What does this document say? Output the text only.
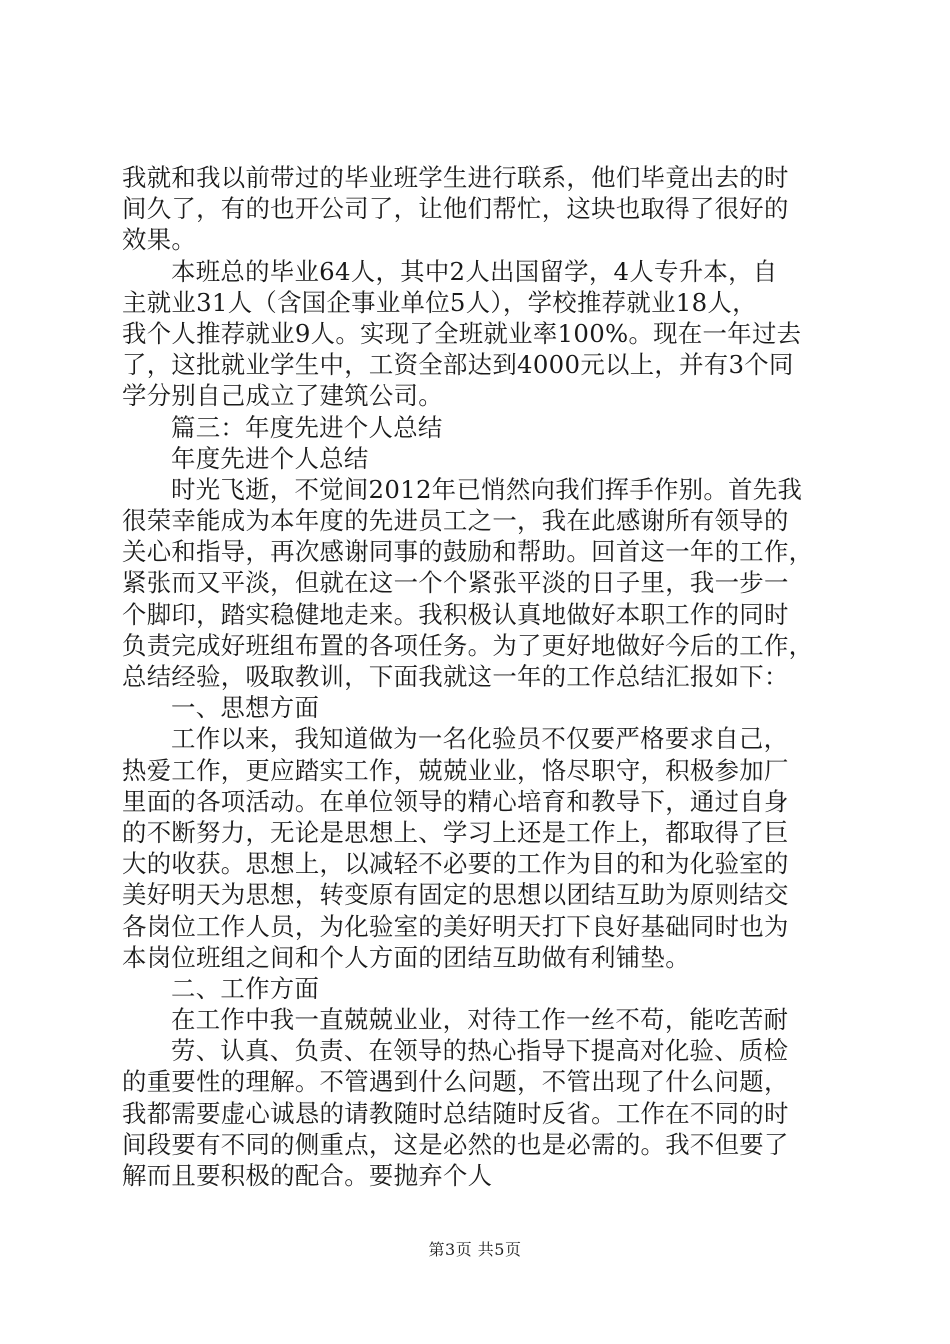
我就和我以前带过的毕业班学生进行联系，他们毕竟出去的时
间久了，有的也开公司了，让他们帮忙，这块也取得了很好的
效果。
本班总的毕业64人，其中2人出国留学，4人专升本，自
主就业31人（含国企事业单位5人），学校推荐就业18人，
我个人推荐就业9人。实现了全班就业率100%。现在一年过去
了，这批就业学生中，工资全部达到4000元以上，并有3个同
学分别自己成立了建筑公司。
篇三：年度先进个人总结
年度先进个人总结
时光飞逝，不觉间2012年已悄然向我们挥手作别。首先我
很荣幸能成为本年度的先进员工之一，我在此感谢所有领导的
关心和指导，再次感谢同事的鼓励和帮助。回首这一年的工作，
紧张而又平淡，但就在这一个个紧张平淡的日子里，我一步一
个脚印，踏实稳健地走来。我积极认真地做好本职工作的同时
负责完成好班组布置的各项任务。为了更好地做好今后的工作，
总结经验，吸取教训，下面我就这一年的工作总结汇报如下：
一、思想方面
工作以来，我知道做为一名化验员不仅要严格要求自己，
热爱工作，更应踏实工作，兢兢业业，恪尽职守，积极参加厂
里面的各项活动。在单位领导的精心培育和教导下，通过自身
的不断努力，无论是思想上、学习上还是工作上，都取得了巨
大的收获。思想上，以减轻不必要的工作为目的和为化验室的
美好明天为思想，转变原有固定的思想以团结互助为原则结交
各岗位工作人员，为化验室的美好明天打下良好基础同时也为
本岗位班组之间和个人方面的团结互助做有利铺垫。
二、工作方面
在工作中我一直兢兢业业，对待工作一丝不苟，能吃苦耐
劳、认真、负责、在领导的热心指导下提高对化验、质检
的重要性的理解。不管遇到什么问题，不管出现了什么问题，
我都需要虚心诚恳的请教随时总结随时反省。工作在不同的时
间段要有不同的侧重点，这是必然的也是必需的。我不但要了
解而且要积极的配合。要抛弃个人
第3页 共5页
